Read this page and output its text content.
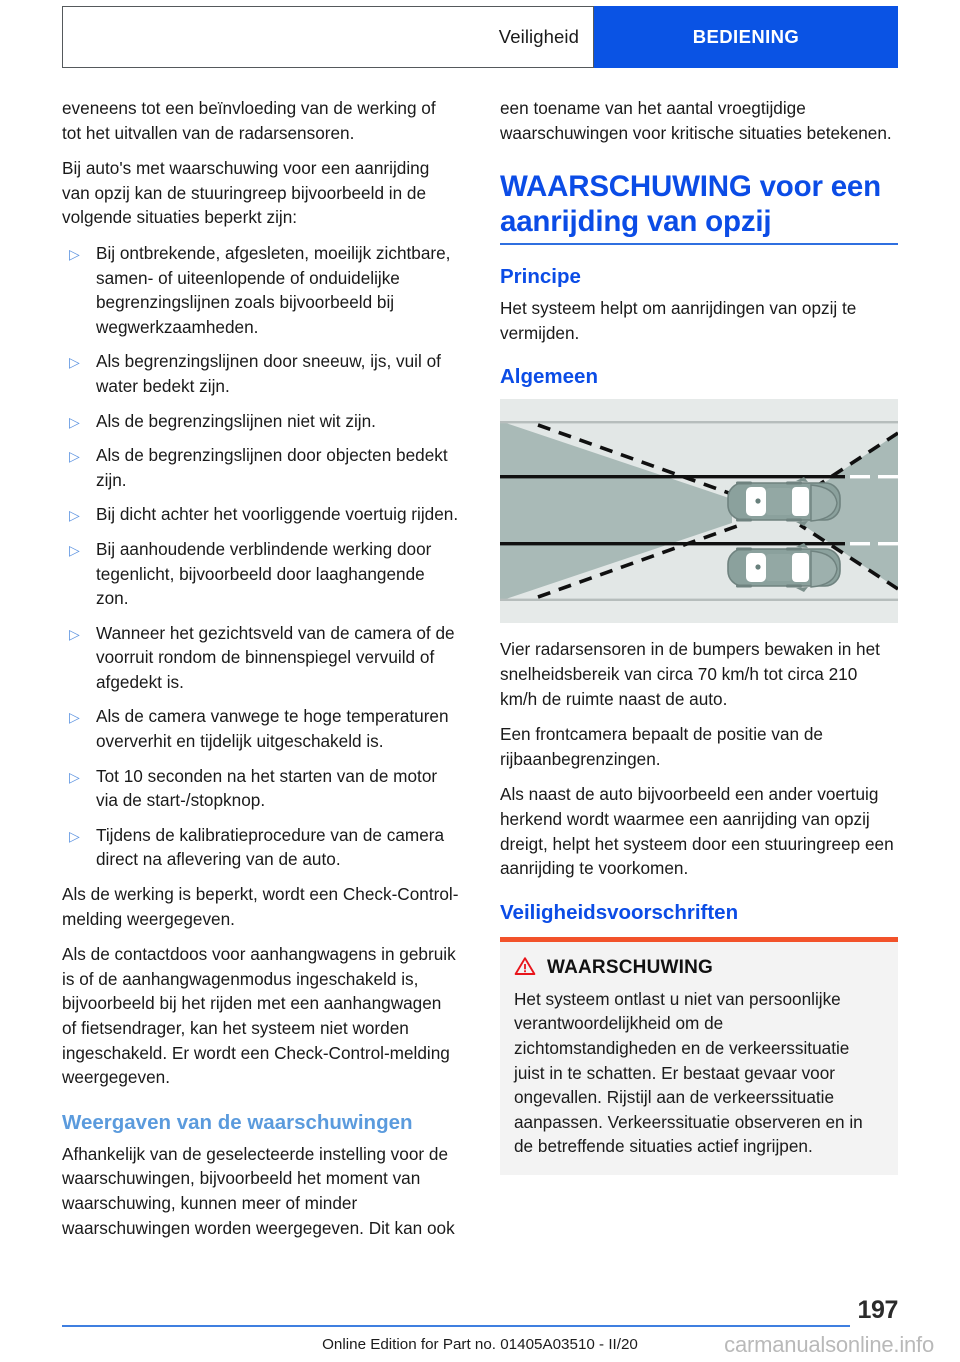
Veiligheid	BEDIENING

eveneens tot een beïnvloeding van de werking of tot het uitvallen van de radarsensoren.

Bij auto's met waarschuwing voor een aanrijding van opzij kan de stuuringreep bijvoorbeeld in de volgende situaties beperkt zijn:

▷ Bij ontbrekende, afgesleten, moeilijk zichtbare, samen- of uiteenlopende of onduidelijke begrenzingslijnen zoals bijvoorbeeld bij wegwerkzaamheden.
▷ Als begrenzingslijnen door sneeuw, ijs, vuil of water bedekt zijn.
▷ Als de begrenzingslijnen niet wit zijn.
▷ Als de begrenzingslijnen door objecten bedekt zijn.
▷ Bij dicht achter het voorliggende voertuig rijden.
▷ Bij aanhoudende verblindende werking door tegenlicht, bijvoorbeeld door laaghangende zon.
▷ Wanneer het gezichtsveld van de camera of de voorruit rondom de binnenspiegel vervuild of afgedekt is.
▷ Als de camera vanwege te hoge temperaturen oververhit en tijdelijk uitgeschakeld is.
▷ Tot 10 seconden na het starten van de motor via de start-/stopknop.
▷ Tijdens de kalibratieprocedure van de camera direct na aflevering van de auto.

Als de werking is beperkt, wordt een Check-Control-melding weergegeven.

Als de contactdoos voor aanhangwagens in gebruik is of de aanhangwagenmodus ingeschakeld is, bijvoorbeeld bij het rijden met een aanhangwagen of fietsendrager, kan het systeem niet worden ingeschakeld. Er wordt een Check-Control-melding weergegeven.

Weergaven van de waarschuwingen

Afhankelijk van de geselecteerde instelling voor de waarschuwingen, bijvoorbeeld het moment van waarschuwing, kunnen meer of minder waarschuwingen worden weergegeven. Dit kan ook

een toename van het aantal vroegtijdige waarschuwingen voor kritische situaties betekenen.

WAARSCHUWING voor een aanrijding van opzij
Principe

Het systeem helpt om aanrijdingen van opzij te vermijden.

Algemeen

Vier radarsensoren in de bumpers bewaken in het snelheidsbereik van circa 70 km/h tot circa 210 km/h de ruimte naast de auto.

Een frontcamera bepaalt de positie van de rijbaanbegrenzingen.

Als naast de auto bijvoorbeeld een ander voertuig herkend wordt waarmee een aanrijding van opzij dreigt, helpt het systeem door een stuuringreep een aanrijding te voorkomen.

Veiligheidsvoorschriften
WAARSCHUWING

Het systeem ontlast u niet van persoonlijke verantwoordelijkheid om de zichtomstandigheden en de verkeerssituatie juist in te schatten. Er bestaat gevaar voor ongevallen. Rijstijl aan de verkeerssituatie aanpassen. Verkeerssituatie observeren en in de betreffende situaties actief ingrijpen.

197
Online Edition for Part no. 01405A03510 - II/20	carmanualsonline.info
